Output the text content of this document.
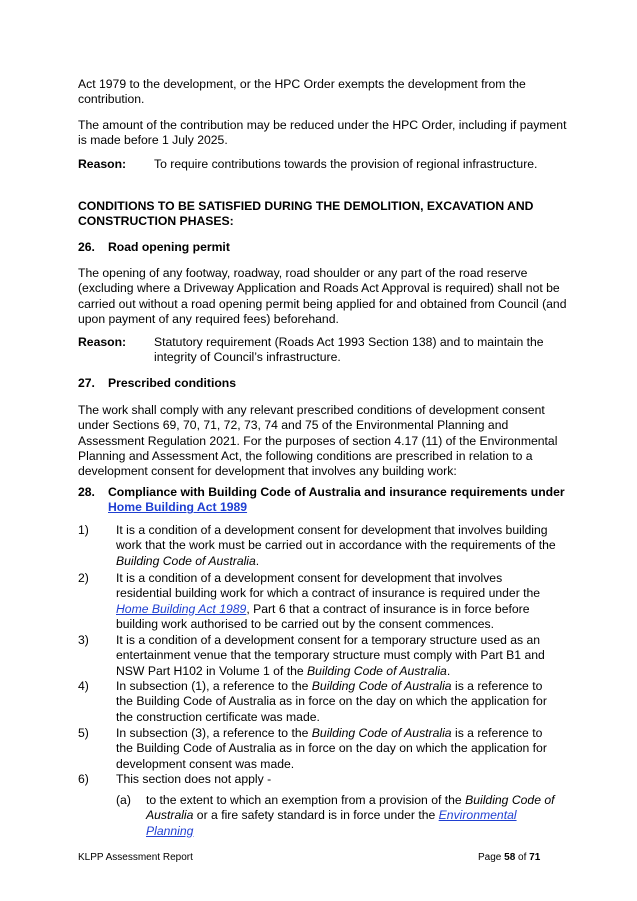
Act 1979 to the development, or the HPC Order exempts the development from the contribution.

The amount of the contribution may be reduced under the HPC Order, including if payment is made before 1 July 2025.

Reason: To require contributions towards the provision of regional infrastructure.

CONDITIONS TO BE SATISFIED DURING THE DEMOLITION, EXCAVATION AND CONSTRUCTION PHASES:

26. Road opening permit

The opening of any footway, roadway, road shoulder or any part of the road reserve (excluding where a Driveway Application and Roads Act Approval is required) shall not be carried out without a road opening permit being applied for and obtained from Council (and upon payment of any required fees) beforehand.

Reason: Statutory requirement (Roads Act 1993 Section 138) and to maintain the integrity of Council’s infrastructure.
27. Prescribed conditions

The work shall comply with any relevant prescribed conditions of development consent under Sections 69, 70, 71, 72, 73, 74 and 75 of the Environmental Planning and Assessment Regulation 2021. For the purposes of section 4.17 (11) of the Environmental Planning and Assessment Act, the following conditions are prescribed in relation to a development consent for development that involves any building work:

28. Compliance with Building Code of Australia and insurance requirements under
Home Building Act 1989
1) It is a condition of a development consent for development that involves building work that the work must be carried out in accordance with the requirements of the Building Code of Australia.
2) It is a condition of a development consent for development that involves residential building work for which a contract of insurance is required under the Home Building Act 1989, Part 6 that a contract of insurance is in force before building work authorised to be carried out by the consent commences.
3) It is a condition of a development consent for a temporary structure used as an entertainment venue that the temporary structure must comply with Part B1 and NSW Part H102 in Volume 1 of the Building Code of Australia.
4) In subsection (1), a reference to the Building Code of Australia is a reference to the Building Code of Australia as in force on the day on which the application for the construction certificate was made.
5) In subsection (3), a reference to the Building Code of Australia is a reference to the Building Code of Australia as in force on the day on which the application for development consent was made.
6) This section does not apply -
(a) to the extent to which an exemption from a provision of the Building Code of Australia or a fire safety standard is in force under the Environmental Planning
KLPP Assessment Report	Page 58 of 71
